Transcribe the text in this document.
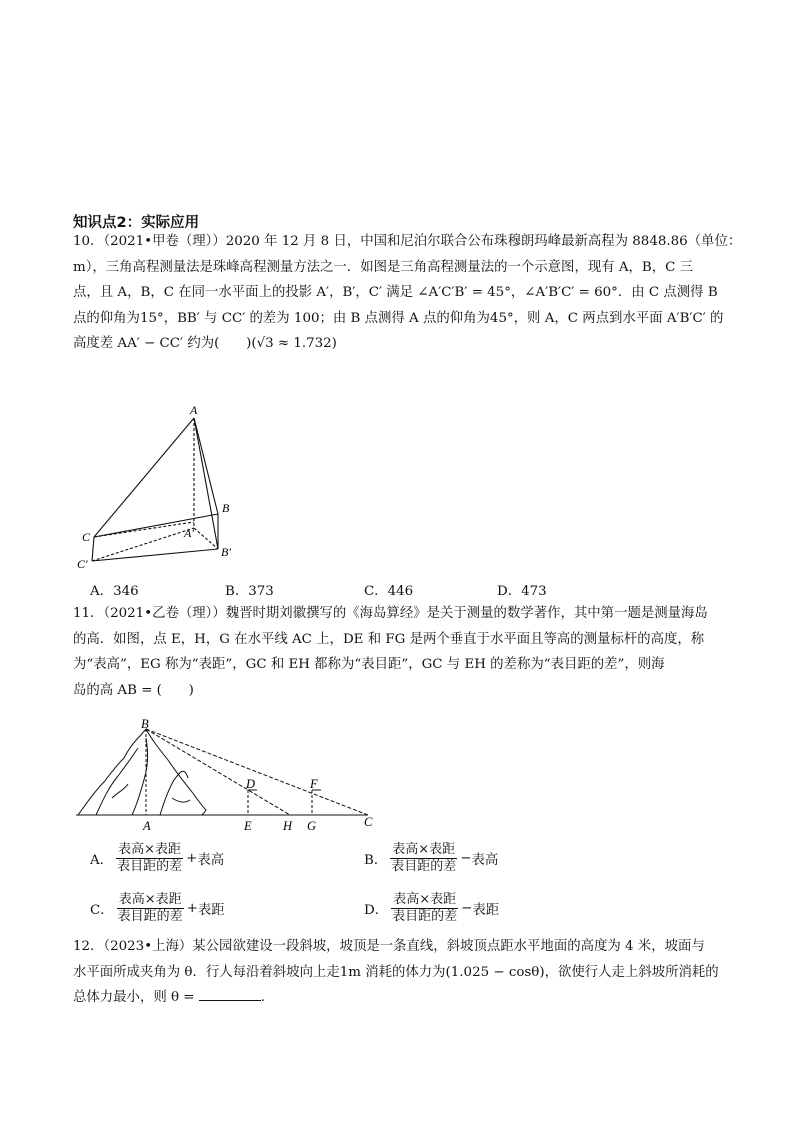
知识点2：实际应用
10．（2021•甲卷（理））2020 年 12 月 8 日，中国和尼泊尔联合公布珠穆朗玛峰最新高程为 8848.86（单位：
m），三角高程测量法是珠峰高程测量方法之一．如图是三角高程测量法的一个示意图，现有 A，B，C 三
点，且 A，B，C 在同一水平面上的投影 A′，B′，C′ 满足 ∠A′C′B′ = 45°，∠A′B′C′ = 60°．由 C 点测得 B
点的仰角为15°，BB′ 与 CC′ 的差为 100；由 B 点测得 A 点的仰角为45°，则 A，C 两点到水平面 A′B′C′ 的
高度差 AA′ − CC′ 约为(　　)(√3 ≈ 1.732)
A
B
C	A′
B′
C′
A．346	B．373	C．446	D．473
11．（2021•乙卷（理））魏晋时期刘徽撰写的《海岛算经》是关于测量的数学著作，其中第一题是测量海岛
的高．如图，点 E，H，G 在水平线 AC 上，DE 和 FG 是两个垂直于水平面且等高的测量标杆的高度，称
为“表高”，EG 称为“表距”，GC 和 EH 都称为“表目距”，GC 与 EH 的差称为“表目距的差”，则海
岛的高 AB = (　　)
B
D	F
A	E	H G	C
A． $\frac{\text{表高×表距}}{\text{表目距的差}}$ + 表高	B． $\frac{\text{表高×表距}}{\text{表目距的差}}$ − 表高
C． $\frac{\text{表高×表距}}{\text{表目距的差}}$ + 表距	D． $\frac{\text{表高×表距}}{\text{表目距的差}}$ − 表距
12．（2023•上海）某公园欲建设一段斜坡，坡顶是一条直线，斜坡顶点距水平地面的高度为 4 米，坡面与
水平面所成夹角为 θ．行人每沿着斜坡向上走1m 消耗的体力为(1.025 − cosθ)，欲使行人走上斜坡所消耗的
总体力最小，则 θ =	．
